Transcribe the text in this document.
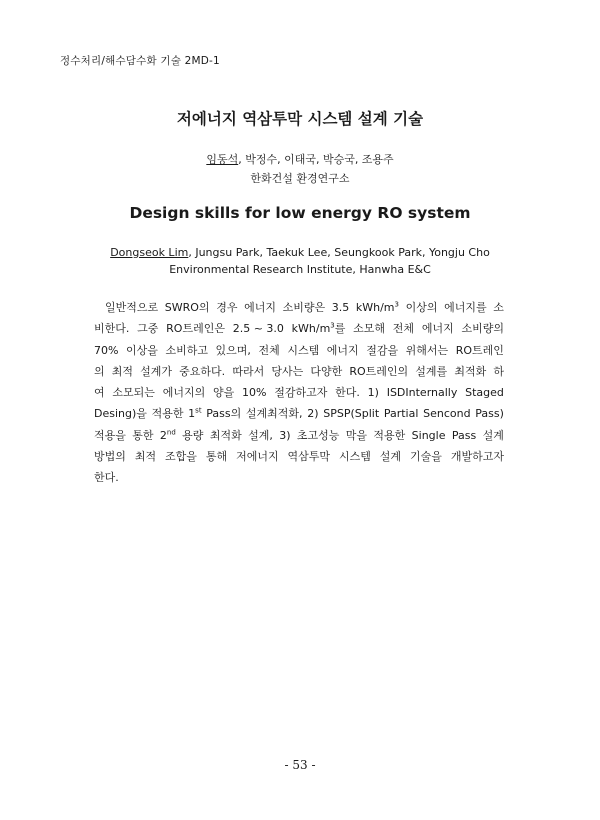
정수처리/해수담수화 기술 2MD-1
저에너지 역삼투막 시스템 설계 기술
임동석, 박정수, 이태국, 박승국, 조용주
한화건설 환경연구소
Design skills for low energy RO system
Dongseok Lim, Jungsu Park, Taekuk Lee, Seungkook Park, Yongju Cho
Environmental Research Institute, Hanwha E&C
일반적으로 SWRO의 경우 에너지 소비량은 3.5 kWh/$m^3$ 이상의 에너지를 소
비한다. 그중 RO트레인은 2.5 ~ 3.0 kWh/$m^3$를 소모해 전체 에너지 소비량의
70% 이상을 소비하고 있으며, 전체 시스템 에너지 절감을 위해서는 RO트레인
의 최적 설계가 중요하다. 따라서 당사는 다양한 RO트레인의 설계를 최적화 하
여 소모되는 에너지의 양을 10% 절감하고자 한다. 1) ISDInternally Staged
Desing)을 적용한 1st Pass의 설계최적화, 2) SPSP(Split Partial Sencond Pass)
적용을 통한 2nd 용량 최적화 설계, 3) 초고성능 막을 적용한 Single Pass 설계
방법의 최적 조합을 통해 저에너지 역삼투막 시스템 설계 기술을 개발하고자
한다.
- 53 -
